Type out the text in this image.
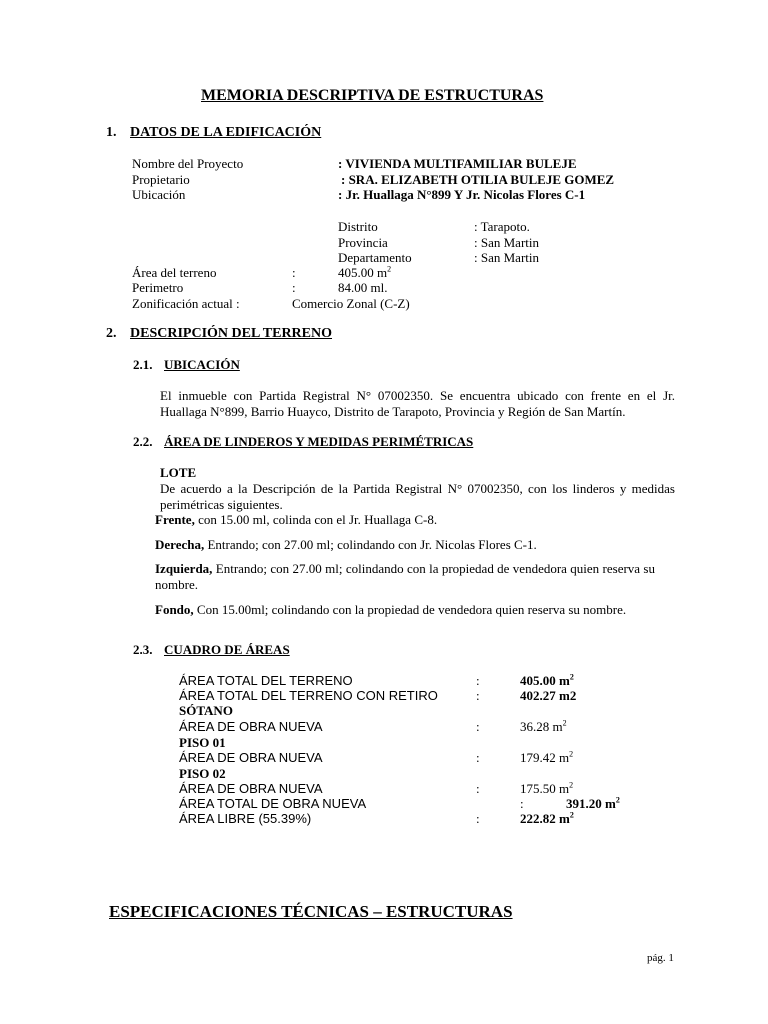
MEMORIA DESCRIPTIVA DE ESTRUCTURAS
1. DATOS DE LA EDIFICACIÓN
Nombre del Proyecto	: VIVIENDA MULTIFAMILIAR BULEJE
Propietario	: SRA. ELIZABETH OTILIA BULEJE GOMEZ
Ubicación	: Jr. Huallaga N°899 Y Jr. Nicolas Flores C-1
Distrito	: Tarapoto.
Provincia	: San Martin
Departamento	: San Martin
Área del terreno	:	405.00 $m^2$
Perimetro	:	84.00 ml.
Zonificación actual :	Comercio Zonal (C-Z)
2. DESCRIPCIÓN DEL TERRENO
2.1. UBICACIÓN
El inmueble con Partida Registral N° 07002350. Se encuentra ubicado con frente en el Jr. Huallaga N°899, Barrio Huayco, Distrito de Tarapoto, Provincia y Región de San Martín.
2.2. ÁREA DE LINDEROS Y MEDIDAS PERIMÉTRICAS
LOTE
De acuerdo a la Descripción de la Partida Registral N° 07002350, con los linderos y medidas perimétricas siguientes.
Frente, con 15.00 ml, colinda con el Jr. Huallaga C-8.
Derecha, Entrando; con 27.00 ml; colindando con Jr. Nicolas Flores C-1.
Izquierda, Entrando; con 27.00 ml; colindando con la propiedad de vendedora quien reserva su nombre.
Fondo, Con 15.00ml; colindando con la propiedad de vendedora quien reserva su nombre.
2.3. CUADRO DE ÁREAS
ÁREA TOTAL DEL TERRENO	:	405.00 $m^2$
ÁREA TOTAL DEL TERRENO CON RETIRO	:	402.27 m2
SÓTANO
ÁREA DE OBRA NUEVA	:	36.28 $m^2$
PISO 01
ÁREA DE OBRA NUEVA	:	179.42 $m^2$
PISO 02
ÁREA DE OBRA NUEVA	:	175.50 $m^2$
ÁREA TOTAL DE OBRA NUEVA	:	391.20 $m^2$
ÁREA LIBRE (55.39%)	:	222.82 $m^2$
ESPECIFICACIONES TÉCNICAS – ESTRUCTURAS
pág. 1
